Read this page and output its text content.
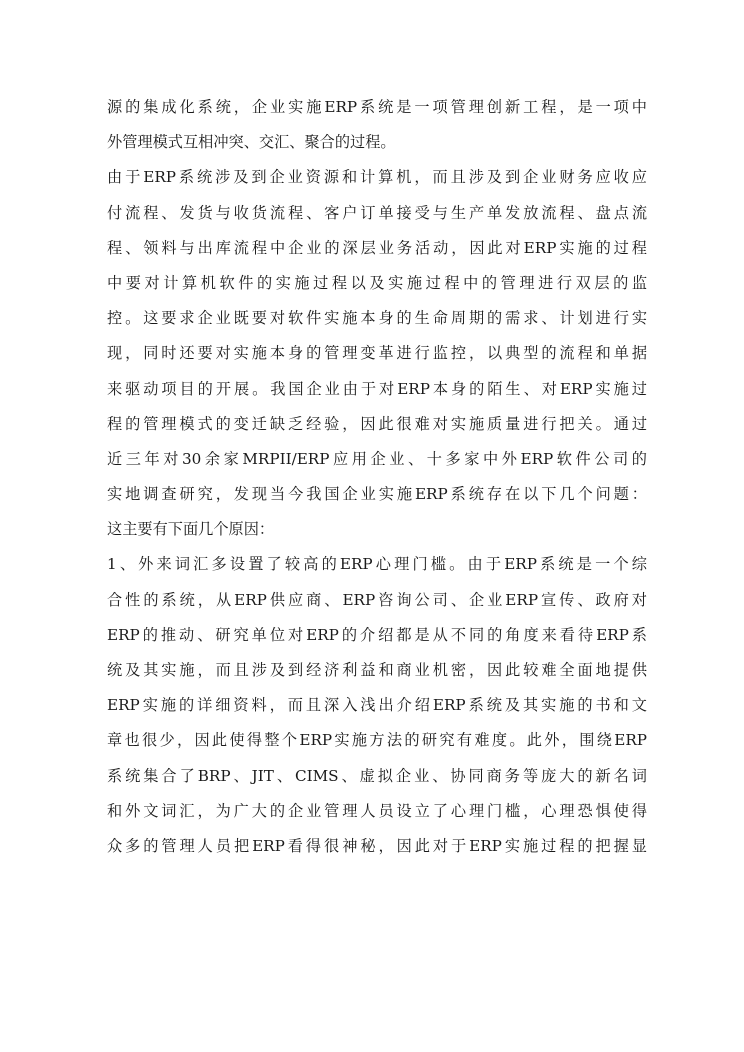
源的集成化系统，企业实施ERP系统是一项管理创新工程，是一项中
外管理模式互相冲突、交汇、聚合的过程。
由于ERP系统涉及到企业资源和计算机，而且涉及到企业财务应收应
付流程、发货与收货流程、客户订单接受与生产单发放流程、盘点流
程、领料与出库流程中企业的深层业务活动，因此对ERP实施的过程
中要对计算机软件的实施过程以及实施过程中的管理进行双层的监
控。这要求企业既要对软件实施本身的生命周期的需求、计划进行实
现，同时还要对实施本身的管理变革进行监控，以典型的流程和单据
来驱动项目的开展。我国企业由于对ERP本身的陌生、对ERP实施过
程的管理模式的变迁缺乏经验，因此很难对实施质量进行把关。通过
近三年对30余家MRPII/ERP应用企业、十多家中外ERP软件公司的
实地调查研究，发现当今我国企业实施ERP系统存在以下几个问题：
这主要有下面几个原因：
1、外来词汇多设置了较高的ERP心理门槛。由于ERP系统是一个综
合性的系统，从ERP供应商、ERP咨询公司、企业ERP宣传、政府对
ERP的推动、研究单位对ERP的介绍都是从不同的角度来看待ERP系
统及其实施，而且涉及到经济利益和商业机密，因此较难全面地提供
ERP实施的详细资料，而且深入浅出介绍ERP系统及其实施的书和文
章也很少，因此使得整个ERP实施方法的研究有难度。此外，围绕ERP
系统集合了BRP、JIT、CIMS、虚拟企业、协同商务等庞大的新名词
和外文词汇，为广大的企业管理人员设立了心理门槛，心理恐惧使得
众多的管理人员把ERP看得很神秘，因此对于ERP实施过程的把握显
